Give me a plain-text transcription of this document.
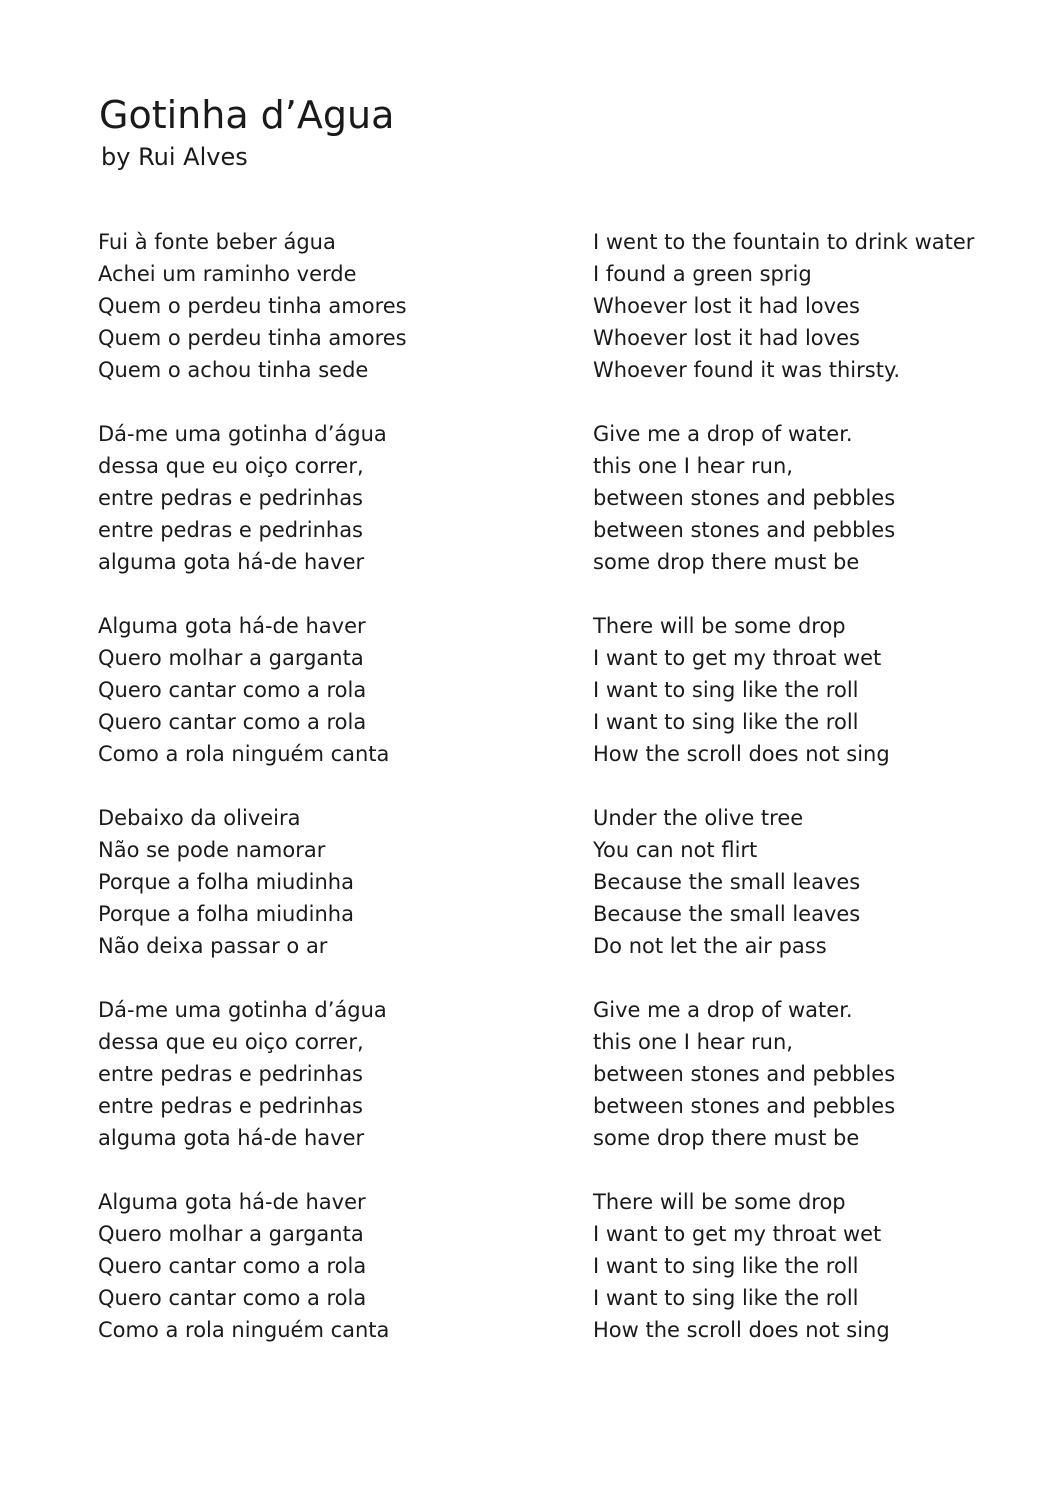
Gotinha d’Agua

by Rui Alves

Fui à fonte beber água
Achei um raminho verde
Quem o perdeu tinha amores
Quem o perdeu tinha amores
Quem o achou tinha sede
Dá-me uma gotinha d’água
dessa que eu oiço correr,
entre pedras e pedrinhas
entre pedras e pedrinhas
alguma gota há-de haver
Alguma gota há-de haver
Quero molhar a garganta
Quero cantar como a rola
Quero cantar como a rola
Como a rola ninguém canta
Debaixo da oliveira
Não se pode namorar
Porque a folha miudinha
Porque a folha miudinha
Não deixa passar o ar
Dá-me uma gotinha d’água
dessa que eu oiço correr,
entre pedras e pedrinhas
entre pedras e pedrinhas
alguma gota há-de haver
Alguma gota há-de haver
Quero molhar a garganta
Quero cantar como a rola
Quero cantar como a rola
Como a rola ninguém canta
I went to the fountain to drink water
I found a green sprig
Whoever lost it had loves
Whoever lost it had loves
Whoever found it was thirsty.
Give me a drop of water.
this one I hear run,
between stones and pebbles
between stones and pebbles
some drop there must be
There will be some drop
I want to get my throat wet
I want to sing like the roll
I want to sing like the roll
How the scroll does not sing
Under the olive tree
You can not flirt
Because the small leaves
Because the small leaves
Do not let the air pass
Give me a drop of water.
this one I hear run,
between stones and pebbles
between stones and pebbles
some drop there must be
There will be some drop
I want to get my throat wet
I want to sing like the roll
I want to sing like the roll
How the scroll does not sing
